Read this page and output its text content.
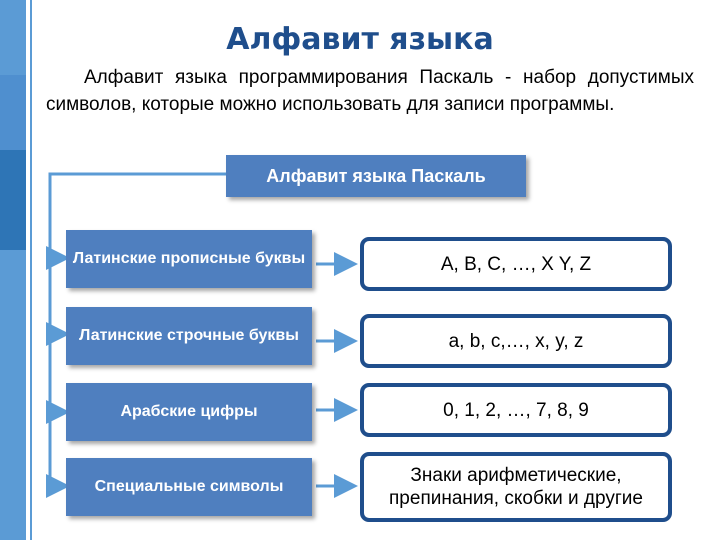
Алфавит языка

Алфавит языка программирования Паскаль - набор допустимых символов, которые можно использовать для записи программы.

Алфавит языка Паскаль
Латинские прописные буквы
Латинские строчные буквы
Арабские цифры
Специальные символы
A, B, C, …, X Y, Z
a, b, c,…, x, y, z
0, 1, 2, …, 7, 8, 9
Знаки арифметические, препинания, скобки и другие
